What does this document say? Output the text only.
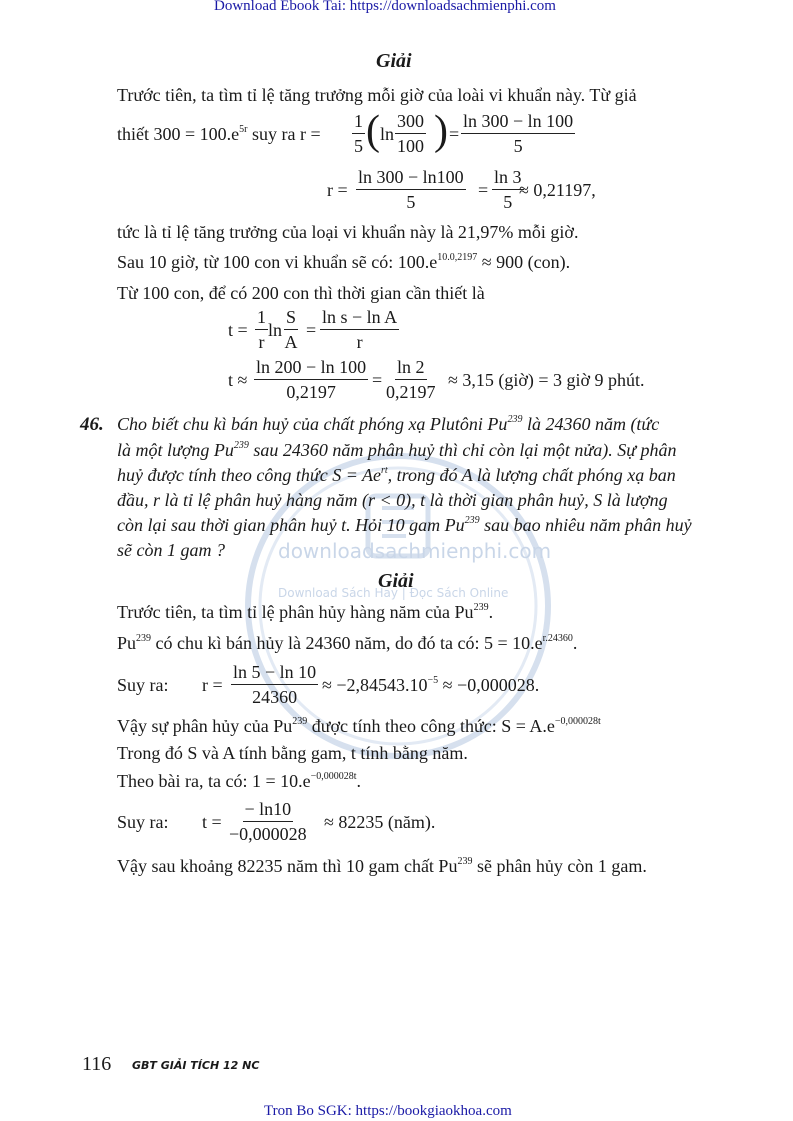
Download Ebook Tai: https://downloadsachmienphi.com
downloadsachmienphi.com
Download Sách Hay | Đọc Sách Online
Giải
Trước tiên, ta tìm tỉ lệ tăng trưởng mỗi giờ của loài vi khuẩn này. Từ giả
thiết $300 = 100.e^{5r}$ suy ra $r = \frac{1}{5}$ ( $\ln \frac{300}{100}$ ) = $\frac{\ln 300 - \ln 100}{5}$
$r = \frac{\ln 300 - \ln 100}{5} = \frac{\ln 3}{5}$
≈ 0,21197,
tức là tỉ lệ tăng trưởng của loại vi khuẩn này là 21,97% mỗi giờ.
Sau 10 giờ, từ 100 con vi khuẩn sẽ có: $100.e^{10.0,2197} \approx 900$ (con).
Từ 100 con, để có 200 con thì thời gian cần thiết là
$t = \frac{1}{r}$ $\ln \frac{S}{A} = \frac{\text{ln s − ln A}}{r}$
$t \approx \frac{\ln 200 - \ln 100}{0,2197} = \frac{\ln 2}{0,2197} \approx 3,15$ (giờ) = 3 giờ 9 phút.
46. Cho biết chu kì bán huỷ của chất phóng xạ Plutôni Pu$^{239}$ là 24360 năm (tức
là một lượng Pu$^{239}$ sau 24360 năm phân huỷ thì chỉ còn lại một nửa). Sự phân
huỷ được tính theo công thức $S = Ae^{rt}$, trong đó A là lượng chất phóng xạ ban
đầu, r là tỉ lệ phân huỷ hàng năm (r < 0), t là thời gian phân huỷ, S là lượng
còn lại sau thời gian phân huỷ t. Hỏi 10 gam Pu$^{239}$ sau bao nhiêu năm phân huỷ
sẽ còn 1 gam ?
Giải
Trước tiên, ta tìm tỉ lệ phân hủy hàng năm của Pu$^{239}$.
Pu$^{239}$ có chu kì bán hủy là 24360 năm, do đó ta có: $5 = 10.e^{r.24360}$.
Suy ra: $r = \frac{\ln 5 - \ln 10}{24360} \approx -2,84543.10^{-5} \approx -0,000028$.
Vậy sự phân hủy của Pu$^{239}$ được tính theo công thức: $S = A.e^{-0,000028t}$
Trong đó S và A tính bằng gam, t tính bằng năm.
Theo bài ra, ta có: $1 = 10.e^{-0,000028t}$.
Suy ra: $t = \frac{- \ln 10}{-0,000028} \approx 82235$ (năm).
Vậy sau khoảng 82235 năm thì 10 gam chất Pu$^{239}$ sẽ phân hủy còn 1 gam.
116 GBT GIẢI TÍCH 12 NC
Tron Bo SGK: https://bookgiaokhoa.com
